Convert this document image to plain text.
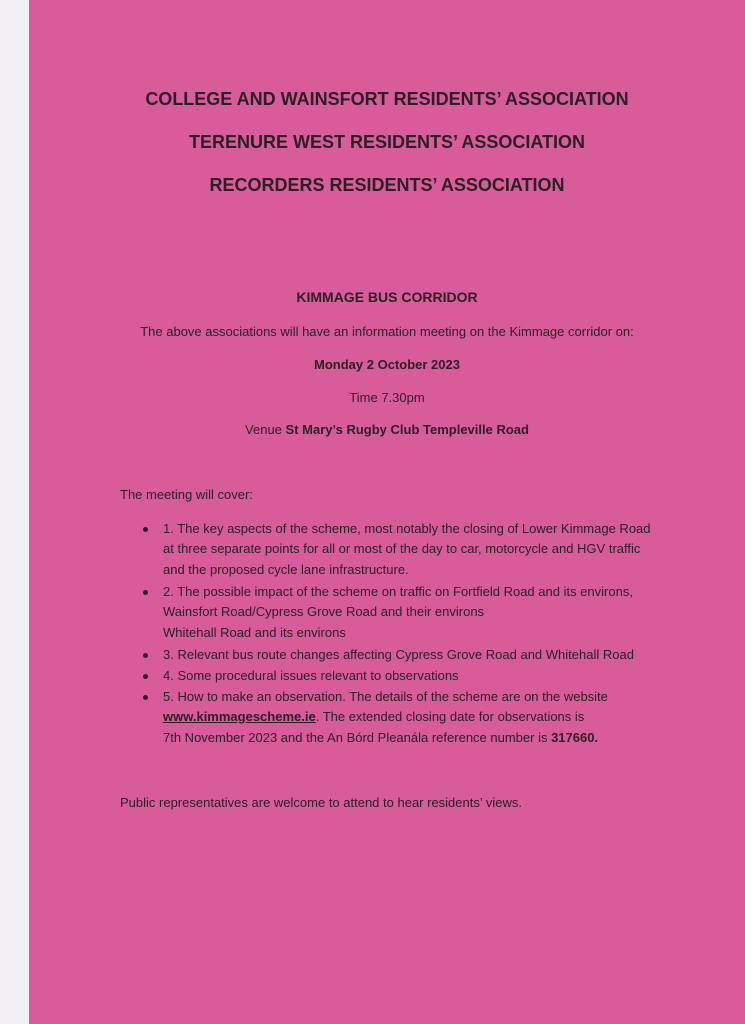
COLLEGE AND WAINSFORT RESIDENTS’ ASSOCIATION
TERENURE WEST RESIDENTS’ ASSOCIATION
RECORDERS RESIDENTS’ ASSOCIATION
KIMMAGE BUS CORRIDOR
The above associations will have an information meeting on the Kimmage corridor on:
Monday 2 October 2023
Time 7.30pm
Venue St Mary’s Rugby Club Templeville Road
The meeting will cover:
1. The key aspects of the scheme, most notably the closing of Lower Kimmage Road
at three separate points for all or most of the day to car, motorcycle and HGV traffic
and the proposed cycle lane infrastructure.
2. The possible impact of the scheme on traffic on Fortfield Road and its environs,
Wainsfort Road/Cypress Grove Road and their environs
Whitehall Road and its environs
3. Relevant bus route changes affecting Cypress Grove Road and Whitehall Road
4. Some procedural issues relevant to observations
5. How to make an observation. The details of the scheme are on the website
www.kimmagescheme.ie. The extended closing date for observations is
7th November 2023 and the An Bórd Pleanála reference number is 317660.
Public representatives are welcome to attend to hear residents’ views.
